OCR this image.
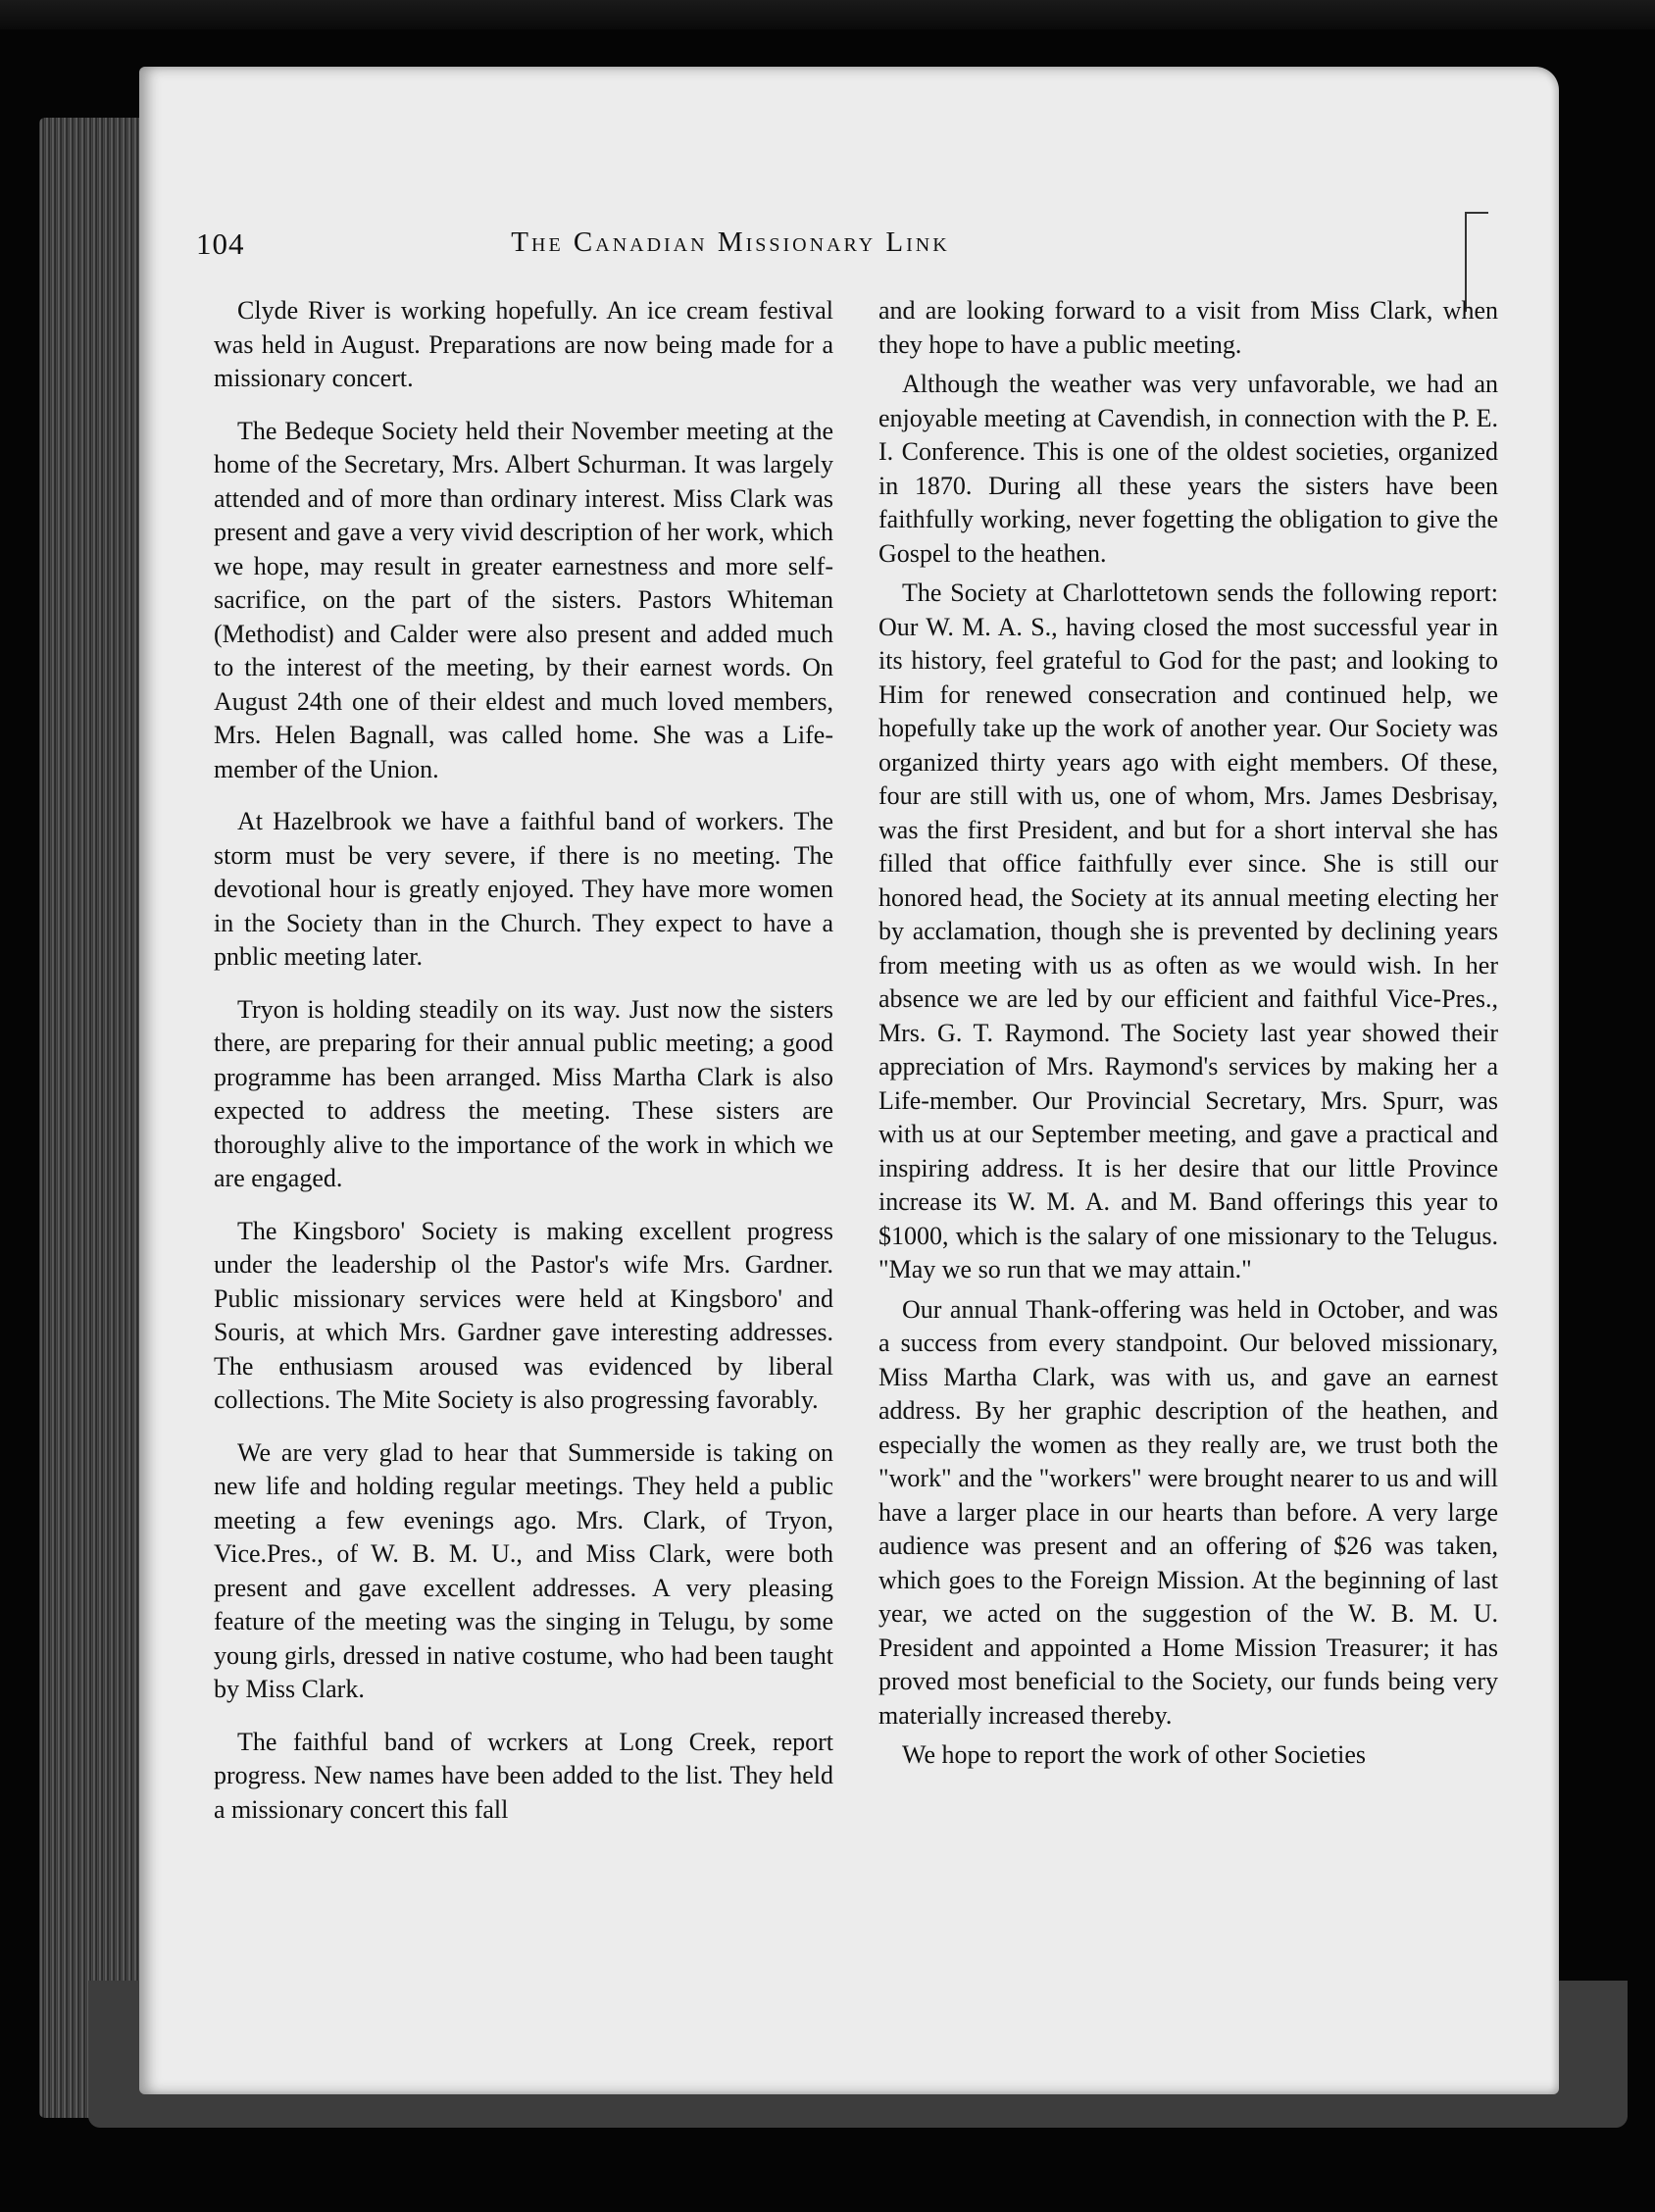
104	The Canadian Missionary Link

Clyde River is working hopefully. An ice cream festival was held in August. Preparations are now being made for a missionary concert.

The Bedeque Society held their November meeting at the home of the Secretary, Mrs. Albert Schurman. It was largely attended and of more than ordinary interest. Miss Clark was present and gave a very vivid description of her work, which we hope, may result in greater earnestness and more self-sacrifice, on the part of the sisters. Pastors Whiteman (Methodist) and Calder were also present and added much to the interest of the meeting, by their earnest words. On August 24th one of their eldest and much loved members, Mrs. Helen Bagnall, was called home. She was a Life-member of the Union.

At Hazelbrook we have a faithful band of workers. The storm must be very severe, if there is no meeting. The devotional hour is greatly enjoyed. They have more women in the Society than in the Church. They expect to have a pnblic meeting later.

Tryon is holding steadily on its way. Just now the sisters there, are preparing for their annual public meeting; a good programme has been arranged. Miss Martha Clark is also expected to address the meeting. These sisters are thoroughly alive to the importance of the work in which we are engaged.

The Kingsboro' Society is making excellent progress under the leadership ol the Pastor's wife Mrs. Gardner. Public missionary services were held at Kingsboro' and Souris, at which Mrs. Gardner gave interesting addresses. The enthusiasm aroused was evidenced by liberal collections. The Mite Society is also progressing favorably.

We are very glad to hear that Summerside is taking on new life and holding regular meetings. They held a public meeting a few evenings ago. Mrs. Clark, of Tryon, Vice.Pres., of W. B. M. U., and Miss Clark, were both present and gave excellent addresses. A very pleasing feature of the meeting was the singing in Telugu, by some young girls, dressed in native costume, who had been taught by Miss Clark.

The faithful band of wcrkers at Long Creek, report progress. New names have been added to the list. They held a missionary concert this fall

and are looking forward to a visit from Miss Clark, when they hope to have a public meeting.

Although the weather was very unfavorable, we had an enjoyable meeting at Cavendish, in connection with the P. E. I. Conference. This is one of the oldest societies, organized in 1870. During all these years the sisters have been faithfully working, never fogetting the obligation to give the Gospel to the heathen.

The Society at Charlottetown sends the following report: Our W. M. A. S., having closed the most successful year in its history, feel grateful to God for the past; and looking to Him for renewed consecration and continued help, we hopefully take up the work of another year. Our Society was organized thirty years ago with eight members. Of these, four are still with us, one of whom, Mrs. James Desbrisay, was the first President, and but for a short interval she has filled that office faithfully ever since. She is still our honored head, the Society at its annual meeting electing her by acclamation, though she is prevented by declining years from meeting with us as often as we would wish. In her absence we are led by our efficient and faithful Vice-Pres., Mrs. G. T. Raymond. The Society last year showed their appreciation of Mrs. Raymond's services by making her a Life-member. Our Provincial Secretary, Mrs. Spurr, was with us at our September meeting, and gave a practical and inspiring address. It is her desire that our little Province increase its W. M. A. and M. Band offerings this year to $1000, which is the salary of one missionary to the Telugus. "May we so run that we may attain."

Our annual Thank-offering was held in October, and was a success from every standpoint. Our beloved missionary, Miss Martha Clark, was with us, and gave an earnest address. By her graphic description of the heathen, and especially the women as they really are, we trust both the "work" and the "workers" were brought nearer to us and will have a larger place in our hearts than before. A very large audience was present and an offering of $26 was taken, which goes to the Foreign Mission. At the beginning of last year, we acted on the suggestion of the W. B. M. U. President and appointed a Home Mission Treasurer; it has proved most beneficial to the Society, our funds being very materially increased thereby.

We hope to report the work of other Societies
